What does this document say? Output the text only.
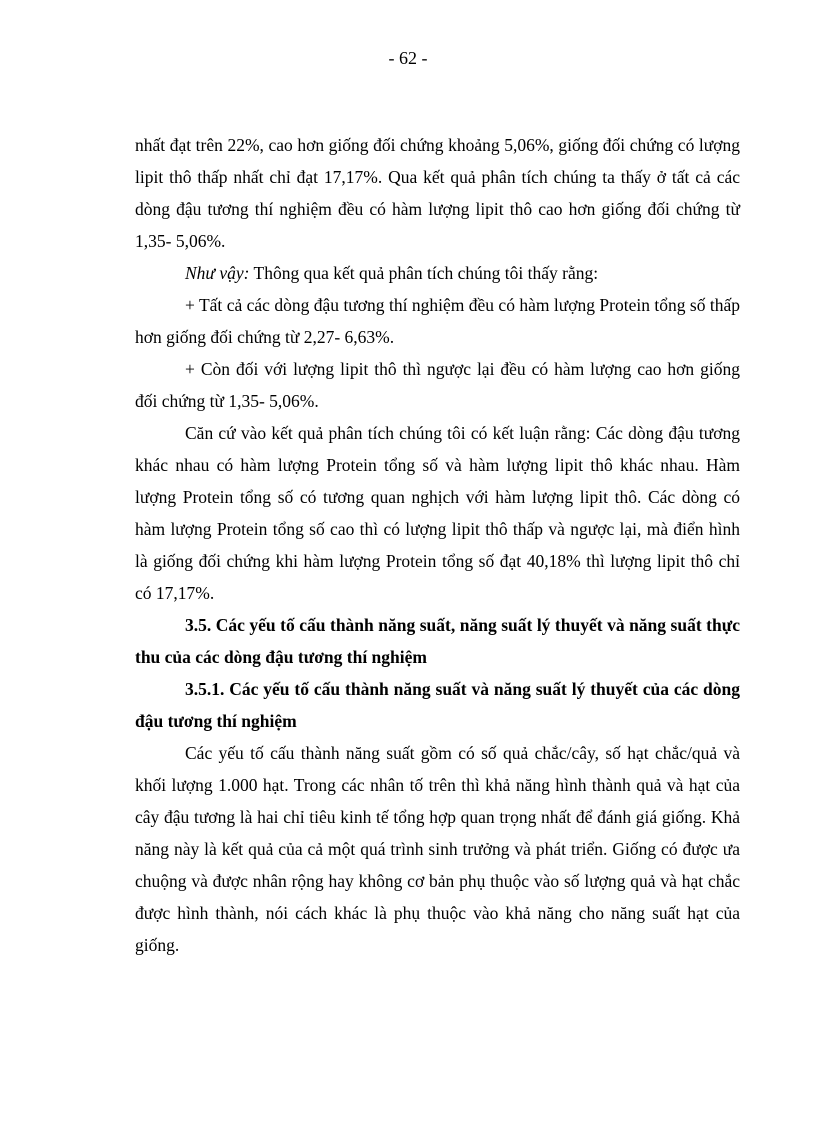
- 62 -

nhất đạt trên 22%, cao hơn giống đối chứng khoảng 5,06%, giống đối chứng có lượng lipit thô thấp nhất chỉ đạt 17,17%. Qua kết quả phân tích chúng ta thấy ở tất cả các dòng đậu tương thí nghiệm đều có hàm lượng lipit thô cao hơn giống đối chứng từ 1,35- 5,06%.

Như vậy: Thông qua kết quả phân tích chúng tôi thấy rằng:

+ Tất cả các dòng đậu tương thí nghiệm đều có hàm lượng Protein tổng số thấp hơn giống đối chứng từ 2,27- 6,63%.

+ Còn đối với lượng lipit thô thì ngược lại đều có hàm lượng cao hơn giống đối chứng từ 1,35- 5,06%.

Căn cứ vào kết quả phân tích chúng tôi có kết luận rằng: Các dòng đậu tương khác nhau có hàm lượng Protein tổng số và hàm lượng lipit thô khác nhau. Hàm lượng Protein tổng số có tương quan nghịch với hàm lượng lipit thô. Các dòng có hàm lượng Protein tổng số cao thì có lượng lipit thô thấp và ngược lại, mà điển hình là giống đối chứng khi hàm lượng Protein tổng số đạt 40,18% thì lượng lipit thô chỉ có 17,17%.

3.5. Các yếu tố cấu thành năng suất, năng suất lý thuyết và năng suất thực thu của các dòng đậu tương thí nghiệm

3.5.1. Các yếu tố cấu thành năng suất và năng suất lý thuyết của các dòng đậu tương thí nghiệm

Các yếu tố cấu thành năng suất gồm có số quả chắc/cây, số hạt chắc/quả và khối lượng 1.000 hạt. Trong các nhân tố trên thì khả năng hình thành quả và hạt của cây đậu tương là hai chỉ tiêu kinh tế tổng hợp quan trọng nhất để đánh giá giống. Khả năng này là kết quả của cả một quá trình sinh trưởng và phát triển. Giống có được ưa chuộng và được nhân rộng hay không cơ bản phụ thuộc vào số lượng quả và hạt chắc được hình thành, nói cách khác là phụ thuộc vào khả năng cho năng suất hạt của giống.
